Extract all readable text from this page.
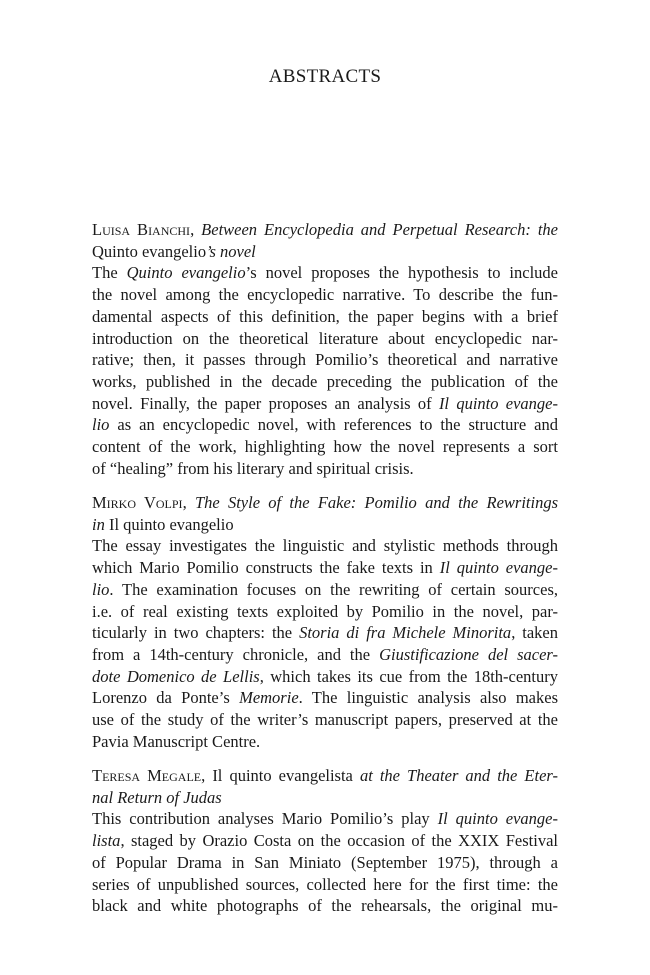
ABSTRACTS
Luisa Bianchi, Between Encyclopedia and Perpetual Research: the
Quinto evangelio’s novel
The Quinto evangelio’s novel proposes the hypothesis to include
the novel among the encyclopedic narrative. To describe the fun-
damental aspects of this definition, the paper begins with a brief
introduction on the theoretical literature about encyclopedic nar-
rative; then, it passes through Pomilio’s theoretical and narrative
works, published in the decade preceding the publication of the
novel. Finally, the paper proposes an analysis of Il quinto evange-
lio as an encyclopedic novel, with references to the structure and
content of the work, highlighting how the novel represents a sort
of “healing” from his literary and spiritual crisis.
Mirko Volpi, The Style of the Fake: Pomilio and the Rewritings
in Il quinto evangelio
The essay investigates the linguistic and stylistic methods through
which Mario Pomilio constructs the fake texts in Il quinto evange-
lio. The examination focuses on the rewriting of certain sources,
i.e. of real existing texts exploited by Pomilio in the novel, par-
ticularly in two chapters: the Storia di fra Michele Minorita, taken
from a 14th-century chronicle, and the Giustificazione del sacer-
dote Domenico de Lellis, which takes its cue from the 18th-century
Lorenzo da Ponte’s Memorie. The linguistic analysis also makes
use of the study of the writer’s manuscript papers, preserved at the
Pavia Manuscript Centre.
Teresa Megale, Il quinto evangelista at the Theater and the Eter-
nal Return of Judas
This contribution analyses Mario Pomilio’s play Il quinto evange-
lista, staged by Orazio Costa on the occasion of the XXIX Festival
of Popular Drama in San Miniato (September 1975), through a
series of unpublished sources, collected here for the first time: the
black and white photographs of the rehearsals, the original mu-
